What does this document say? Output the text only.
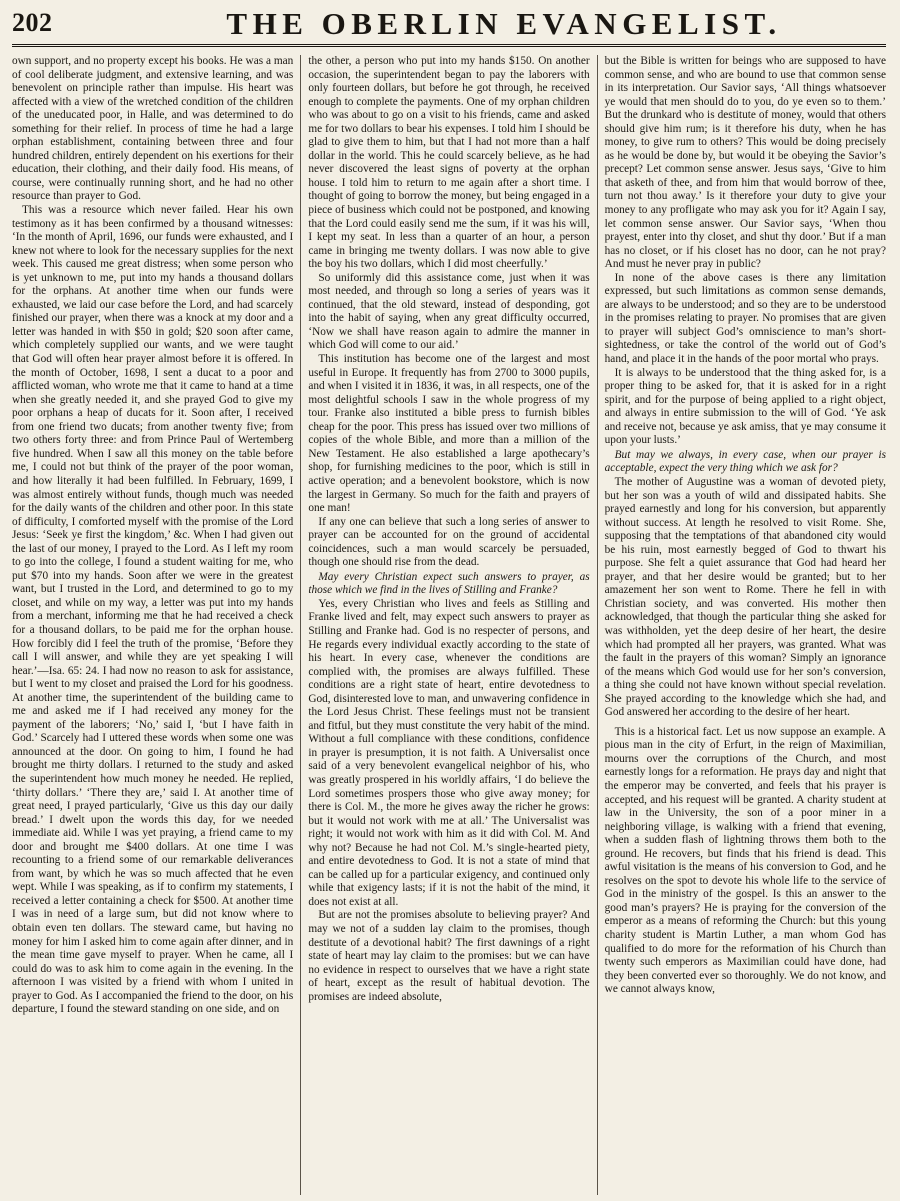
202	THE OBERLIN EVANGELIST.

own support, and no property except his books. He was a man of cool deliberate judgment, and extensive learning, and was benevolent on principle rather than impulse. His heart was affected with a view of the wretched condition of the children of the uneducated poor, in Halle, and was determined to do something for their relief. In process of time he had a large orphan establishment, containing between three and four hundred children, entirely dependent on his exertions for their education, their clothing, and their daily food. His means, of course, were continually running short, and he had no other resource than prayer to God.

This was a resource which never failed. Hear his own testimony as it has been confirmed by a thousand witnesses: ‘In the month of April, 1696, our funds were exhausted, and I knew not where to look for the necessary supplies for the next week. This caused me great distress; when some person who is yet unknown to me, put into my hands a thousand dollars for the orphans. At another time when our funds were exhausted, we laid our case before the Lord, and had scarcely finished our prayer, when there was a knock at my door and a letter was handed in with $50 in gold; $20 soon after came, which completely supplied our wants, and we were taught that God will often hear prayer almost before it is offered. In the month of October, 1698, I sent a ducat to a poor and afflicted woman, who wrote me that it came to hand at a time when she greatly needed it, and she prayed God to give my poor orphans a heap of ducats for it. Soon after, I received from one friend two ducats; from another twenty five; from two others forty three: and from Prince Paul of Wertemberg five hundred. When I saw all this money on the table before me, I could not but think of the prayer of the poor woman, and how literally it had been fulfilled. In February, 1699, I was almost entirely without funds, though much was needed for the daily wants of the children and other poor. In this state of difficulty, I comforted myself with the promise of the Lord Jesus: ‘Seek ye first the kingdom,’ &c. When I had given out the last of our money, I prayed to the Lord. As I left my room to go into the college, I found a student waiting for me, who put $70 into my hands. Soon after we were in the greatest want, but I trusted in the Lord, and determined to go to my closet, and while on my way, a letter was put into my hands from a merchant, informing me that he had received a check for a thousand dollars, to be paid me for the orphan house. How forcibly did I feel the truth of the promise, ‘Before they call I will answer, and while they are yet speaking I will hear.’—Isa. 65: 24. I had now no reason to ask for assistance, but I went to my closet and praised the Lord for his goodness. At another time, the superintendent of the building came to me and asked me if I had received any money for the payment of the laborers; ‘No,’ said I, ‘but I have faith in God.’ Scarcely had I uttered these words when some one was announced at the door. On going to him, I found he had brought me thirty dollars. I returned to the study and asked the superintendent how much money he needed. He replied, ‘thirty dollars.’ ‘There they are,’ said I. At another time of great need, I prayed particularly, ‘Give us this day our daily bread.’ I dwelt upon the words this day, for we needed immediate aid. While I was yet praying, a friend came to my door and brought me $400 dollars. At one time I was recounting to a friend some of our remarkable deliverances from want, by which he was so much affected that he even wept. While I was speaking, as if to confirm my statements, I received a letter containing a check for $500. At another time I was in need of a large sum, but did not know where to obtain even ten dollars. The steward came, but having no money for him I asked him to come again after dinner, and in the mean time gave myself to prayer. When he came, all I could do was to ask him to come again in the evening. In the afternoon I was visited by a friend with whom I united in prayer to God. As I accompanied the friend to the door, on his departure, I found the steward standing on one side, and on

the other, a person who put into my hands $150. On another occasion, the superintendent began to pay the laborers with only fourteen dollars, but before he got through, he received enough to complete the payments. One of my orphan children who was about to go on a visit to his friends, came and asked me for two dollars to bear his expenses. I told him I should be glad to give them to him, but that I had not more than a half dollar in the world. This he could scarcely believe, as he had never discovered the least signs of poverty at the orphan house. I told him to return to me again after a short time. I thought of going to borrow the money, but being engaged in a piece of business which could not be postponed, and knowing that the Lord could easily send me the sum, if it was his will, I kept my seat. In less than a quarter of an hour, a person came in bringing me twenty dollars. I was now able to give the boy his two dollars, which I did most cheerfully.’

So uniformly did this assistance come, just when it was most needed, and through so long a series of years was it continued, that the old steward, instead of desponding, got into the habit of saying, when any great difficulty occurred, ‘Now we shall have reason again to admire the manner in which God will come to our aid.’

This institution has become one of the largest and most useful in Europe. It frequently has from 2700 to 3000 pupils, and when I visited it in 1836, it was, in all respects, one of the most delightful schools I saw in the whole progress of my tour. Franke also instituted a bible press to furnish bibles cheap for the poor. This press has issued over two millions of copies of the whole Bible, and more than a million of the New Testament. He also established a large apothecary’s shop, for furnishing medicines to the poor, which is still in active operation; and a benevolent bookstore, which is now the largest in Germany. So much for the faith and prayers of one man!

If any one can believe that such a long series of answer to prayer can be accounted for on the ground of accidental coincidences, such a man would scarcely be persuaded, though one should rise from the dead.

May every Christian expect such answers to prayer, as those which we find in the lives of Stilling and Franke?

Yes, every Christian who lives and feels as Stilling and Franke lived and felt, may expect such answers to prayer as Stilling and Franke had. God is no respecter of persons, and He regards every individual exactly according to the state of his heart. In every case, whenever the conditions are complied with, the promises are always fulfilled. These conditions are a right state of heart, entire devotedness to God, disinterested love to man, and unwavering confidence in the Lord Jesus Christ. These feelings must not be transient and fitful, but they must constitute the very habit of the mind. Without a full compliance with these conditions, confidence in prayer is presumption, it is not faith. A Universalist once said of a very benevolent evangelical neighbor of his, who was greatly prospered in his worldly affairs, ‘I do believe the Lord sometimes prospers those who give away money; for there is Col. M., the more he gives away the richer he grows: but it would not work with me at all.’ The Universalist was right; it would not work with him as it did with Col. M. And why not? Because he had not Col. M.’s single-hearted piety, and entire devotedness to God. It is not a state of mind that can be called up for a particular exigency, and continued only while that exigency lasts; if it is not the habit of the mind, it does not exist at all.

But are not the promises absolute to believing prayer? And may we not of a sudden lay claim to the promises, though destitute of a devotional habit? The first dawnings of a right state of heart may lay claim to the promises: but we can have no evidence in respect to ourselves that we have a right state of heart, except as the result of habitual devotion. The promises are indeed absolute,

but the Bible is written for beings who are supposed to have common sense, and who are bound to use that common sense in its interpretation. Our Savior says, ‘All things whatsoever ye would that men should do to you, do ye even so to them.’ But the drunkard who is destitute of money, would that others should give him rum; is it therefore his duty, when he has money, to give rum to others? This would be doing precisely as he would be done by, but would it be obeying the Savior’s precept? Let common sense answer. Jesus says, ‘Give to him that asketh of thee, and from him that would borrow of thee, turn not thou away.’ Is it therefore your duty to give your money to any profligate who may ask you for it? Again I say, let common sense answer. Our Savior says, ‘When thou prayest, enter into thy closet, and shut thy door.’ But if a man has no closet, or if his closet has no door, can he not pray? And must he never pray in public?

In none of the above cases is there any limitation expressed, but such limitations as common sense demands, are always to be understood; and so they are to be understood in the promises relating to prayer. No promises that are given to prayer will subject God’s omniscience to man’s short-sightedness, or take the control of the world out of God’s hand, and place it in the hands of the poor mortal who prays.

It is always to be understood that the thing asked for, is a proper thing to be asked for, that it is asked for in a right spirit, and for the purpose of being applied to a right object, and always in entire submission to the will of God. ‘Ye ask and receive not, because ye ask amiss, that ye may consume it upon your lusts.’

But may we always, in every case, when our prayer is acceptable, expect the very thing which we ask for?

The mother of Augustine was a woman of devoted piety, but her son was a youth of wild and dissipated habits. She prayed earnestly and long for his conversion, but apparently without success. At length he resolved to visit Rome. She, supposing that the temptations of that abandoned city would be his ruin, most earnestly begged of God to thwart his purpose. She felt a quiet assurance that God had heard her prayer, and that her desire would be granted; but to her amazement her son went to Rome. There he fell in with Christian society, and was converted. His mother then acknowledged, that though the particular thing she asked for was withholden, yet the deep desire of her heart, the desire which had prompted all her prayers, was granted. What was the fault in the prayers of this woman? Simply an ignorance of the means which God would use for her son’s conversion, a thing she could not have known without special revelation. She prayed according to the knowledge which she had, and God answered her according to the desire of her heart.

This is a historical fact. Let us now suppose an example. A pious man in the city of Erfurt, in the reign of Maximilian, mourns over the corruptions of the Church, and most earnestly longs for a reformation. He prays day and night that the emperor may be converted, and feels that his prayer is accepted, and his request will be granted. A charity student at law in the University, the son of a poor miner in a neighboring village, is walking with a friend that evening, when a sudden flash of lightning throws them both to the ground. He recovers, but finds that his friend is dead. This awful visitation is the means of his conversion to God, and he resolves on the spot to devote his whole life to the service of God in the ministry of the gospel. Is this an answer to the good man’s prayers? He is praying for the conversion of the emperor as a means of reforming the Church: but this young charity student is Martin Luther, a man whom God has qualified to do more for the reformation of his Church than twenty such emperors as Maximilian could have done, had they been converted ever so thoroughly. We do not know, and we cannot always know,
